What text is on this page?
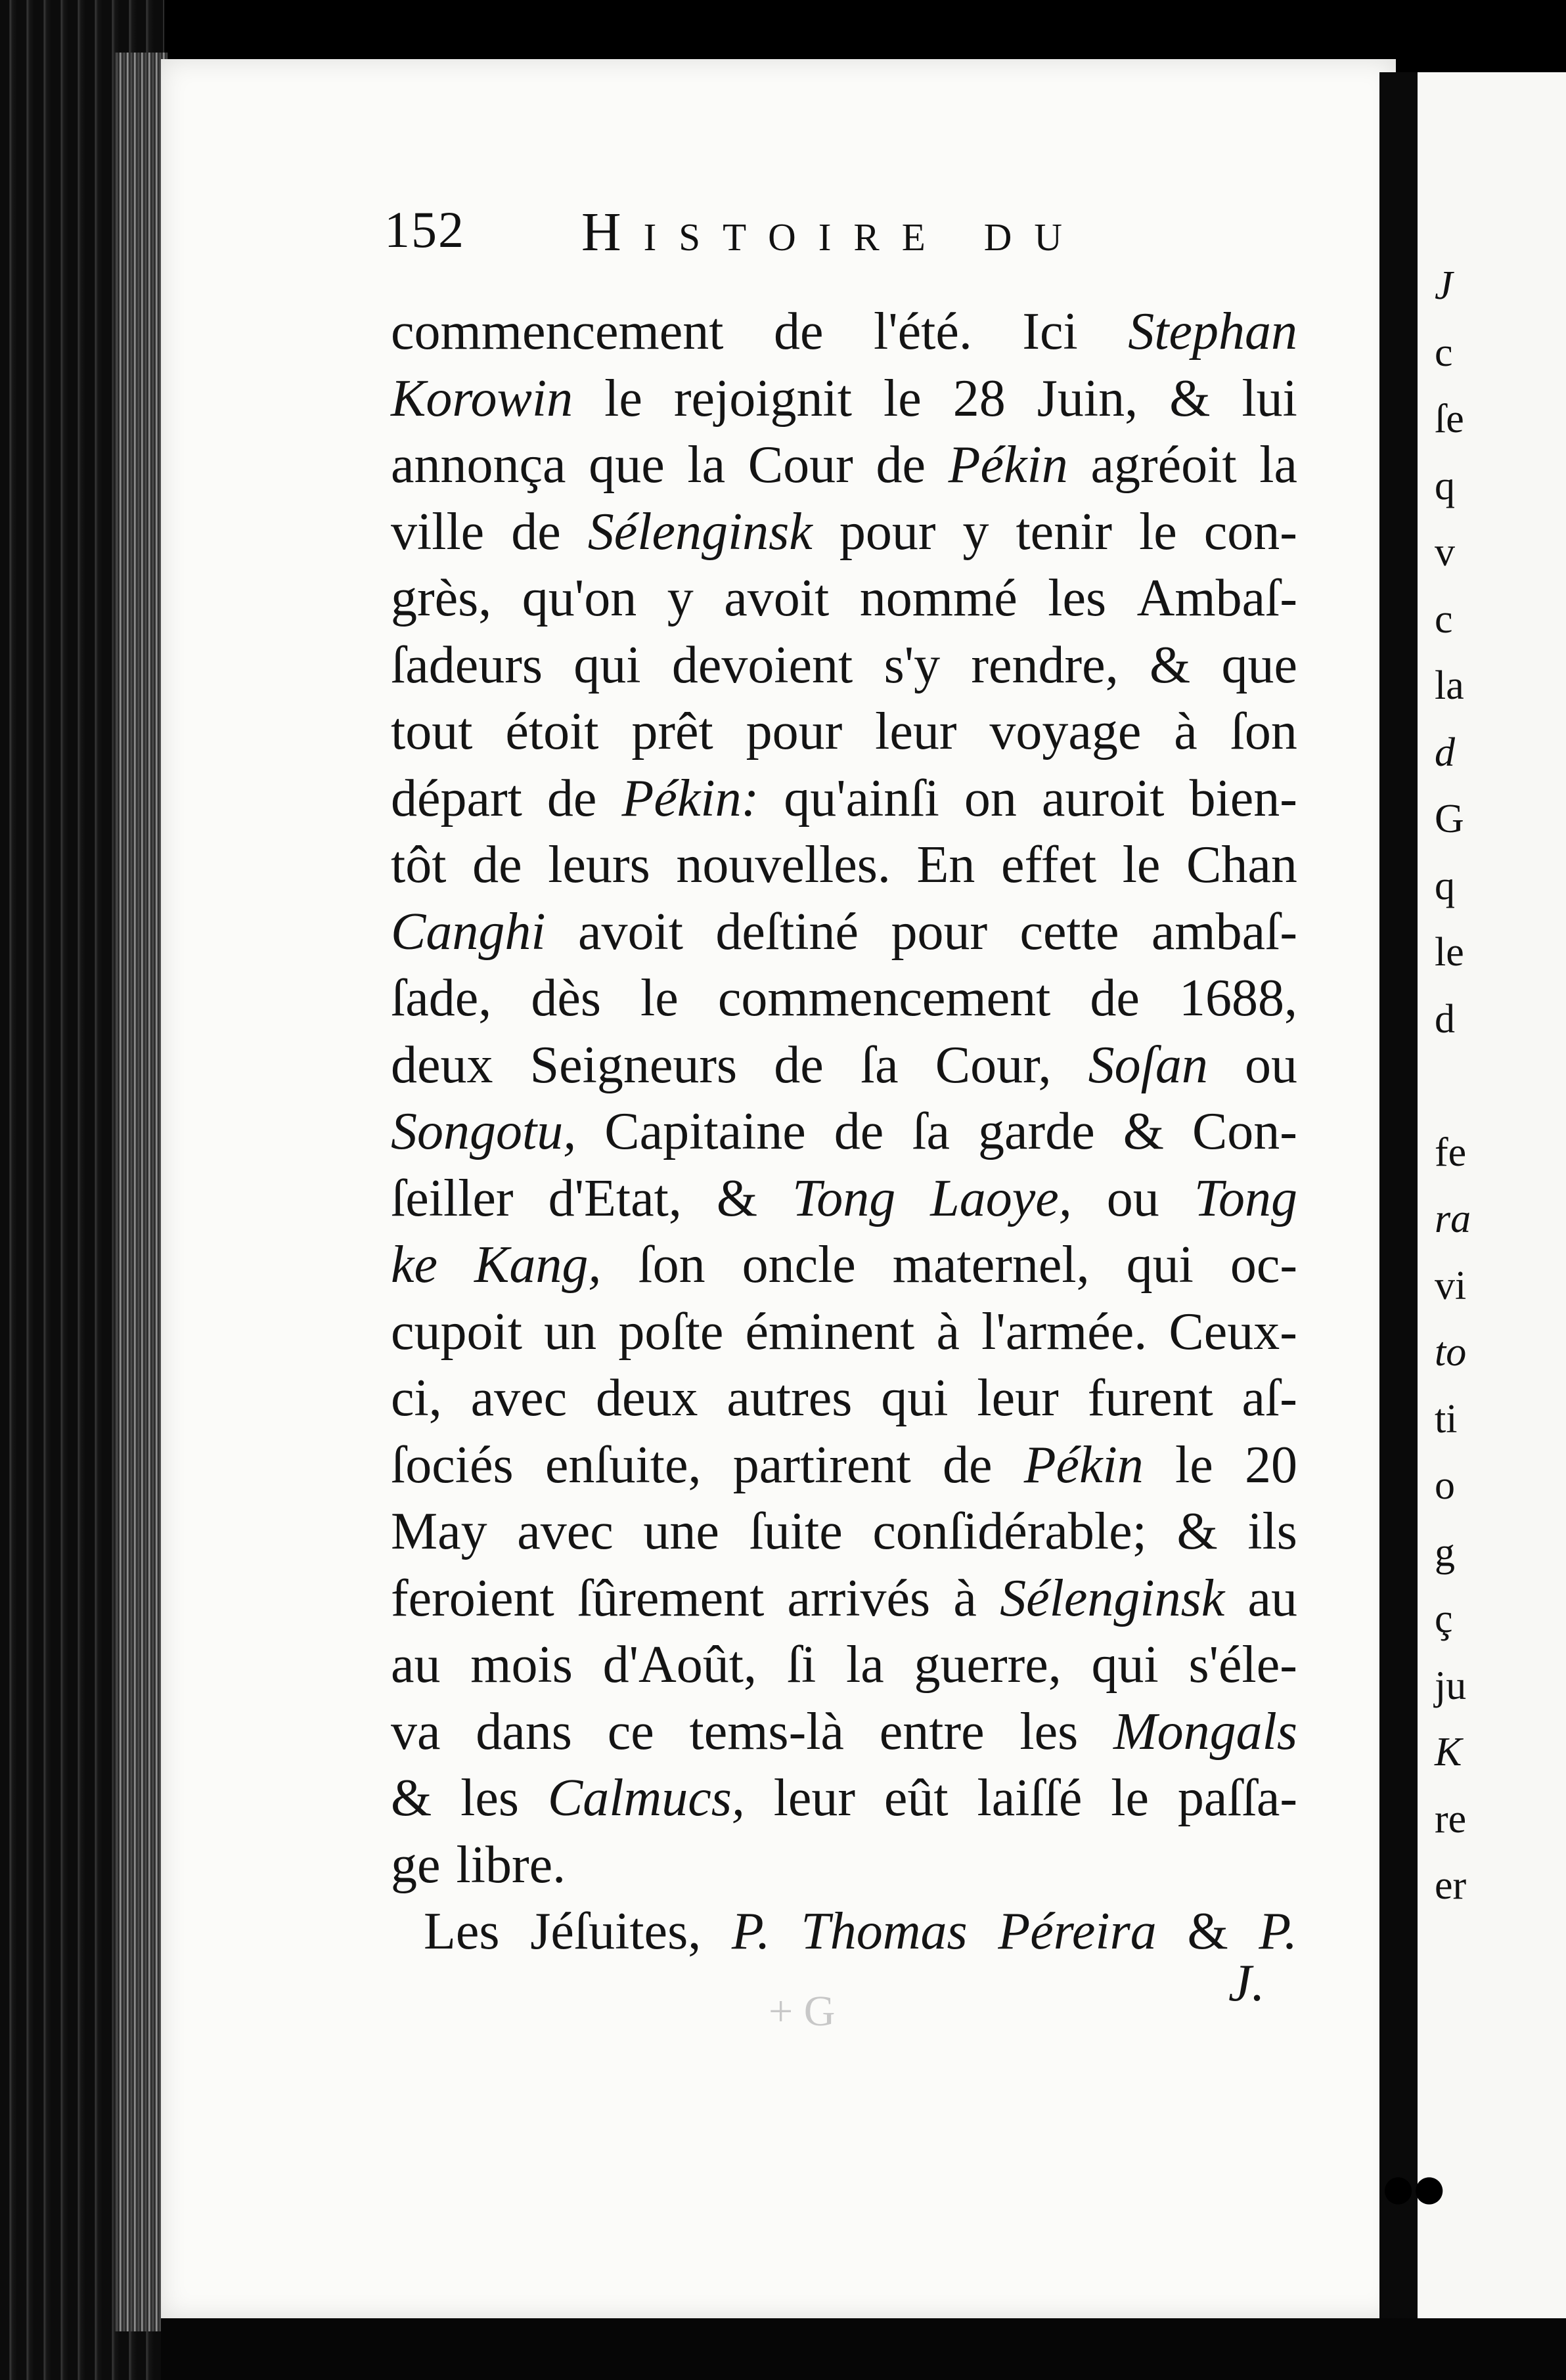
J
c
ſe
q
v
c
la
d
G
q
le
d
fe
ra
vi
to
ti
o
g
ç
ju
K
re
er
152 Histoire du
commencement de l'été. Ici Stephan
Korowin le rejoignit le 28 Juin, & lui
annonça que la Cour de Pékin agréoit la
ville de Sélenginsk pour y tenir le con-
grès, qu'on y avoit nommé les Ambaſ-
ſadeurs qui devoient s'y rendre, & que
tout étoit prêt pour leur voyage à ſon
départ de Pékin: qu'ainſi on auroit bien-
tôt de leurs nouvelles. En effet le Chan
Canghi avoit deſtiné pour cette ambaſ-
ſade, dès le commencement de 1688,
deux Seigneurs de ſa Cour, Soſan ou
Songotu, Capitaine de ſa garde & Con-
ſeiller d'Etat, & Tong Laoye, ou Tong
ke Kang, ſon oncle maternel, qui oc-
cupoit un poſte éminent à l'armée. Ceux-
ci, avec deux autres qui leur furent aſ-
ſociés enſuite, partirent de Pékin le 20
May avec une ſuite conſidérable; & ils
feroient ſûrement arrivés à Sélenginsk au
au mois d'Août, ſi la guerre, qui s'éle-
va dans ce tems-là entre les Mongals
& les Calmucs, leur eût laiſſé le paſſa-
ge libre.
Les Jéſuites, P. Thomas Péreira & P.
J.
+ G
●●
